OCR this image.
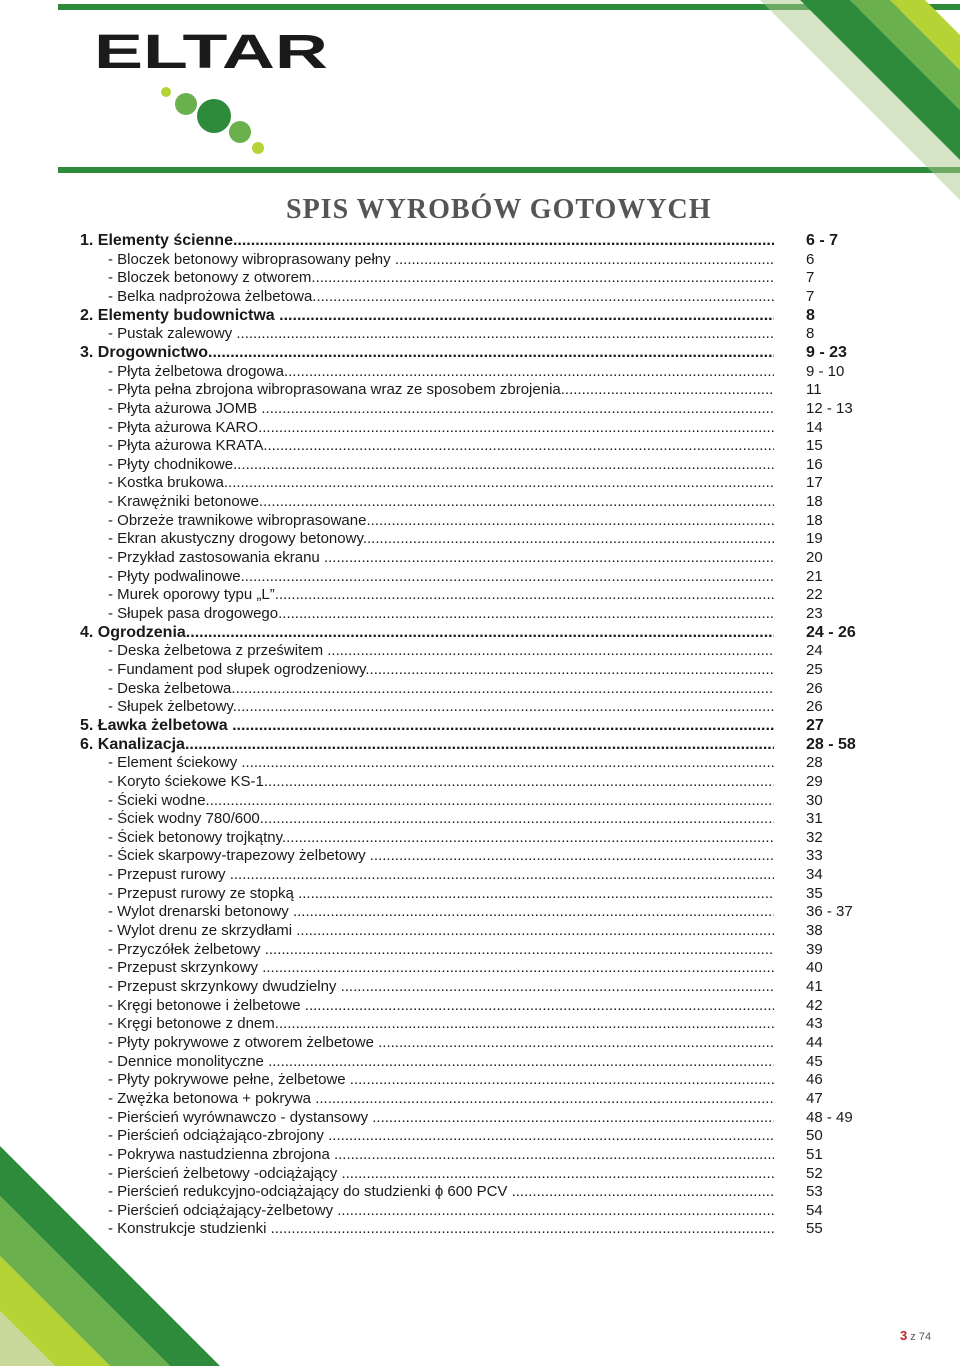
ELTAR
SPIS WYROBÓW GOTOWYCH
1. Elementy ścienne .....	6 - 7
- Bloczek betonowy wibroprasowany pełny .....	6
- Bloczek betonowy z otworem .....	7
- Belka nadprożowa żelbetowa .....	7
2. Elementy budownictwa .....	8
- Pustak zalewowy .....	8
3. Drogownictwo .....	9 - 23
- Płyta żelbetowa drogowa .....	9 - 10
- Płyta pełna zbrojona wibroprasowana wraz ze sposobem zbrojenia .....	11
- Płyta ażurowa JOMB .....	12 - 13
- Płyta ażurowa KARO .....	14
- Płyta ażurowa KRATA .....	15
- Płyty chodnikowe .....	16
- Kostka brukowa .....	17
- Krawężniki betonowe .....	18
- Obrzeże trawnikowe wibroprasowane .....	18
- Ekran akustyczny drogowy betonowy .....	19
- Przykład zastosowania ekranu .....	20
- Płyty podwalinowe .....	21
- Murek oporowy typu „L” .....	22
- Słupek pasa drogowego .....	23
4. Ogrodzenia .....	24 - 26
- Deska żelbetowa z prześwitem .....	24
- Fundament pod słupek ogrodzeniowy .....	25
- Deska żelbetowa .....	26
- Słupek żelbetowy .....	26
5. Ławka żelbetowa .....	27
6. Kanalizacja .....	28 - 58
- Element ściekowy .....	28
- Koryto ściekowe KS-1 .....	29
- Ścieki wodne .....	30
- Ściek wodny 780/600 .....	31
- Ściek betonowy trojkątny .....	32
- Ściek skarpowy-trapezowy żelbetowy .....	33
- Przepust rurowy .....	34
- Przepust rurowy ze stopką .....	35
- Wylot drenarski betonowy .....	36 - 37
- Wylot drenu ze skrzydłami .....	38
- Przyczółek żelbetowy .....	39
- Przepust skrzynkowy .....	40
- Przepust skrzynkowy dwudzielny .....	41
- Kręgi betonowe i żelbetowe .....	42
- Kręgi betonowe z dnem .....	43
- Płyty pokrywowe z otworem żelbetowe .....	44
- Dennice monolityczne .....	45
- Płyty pokrywowe pełne, żelbetowe .....	46
- Zwężka betonowa + pokrywa .....	47
- Pierścień wyrównawczo - dystansowy .....	48 - 49
- Pierścień odciążająco-zbrojony .....	50
- Pokrywa nastudzienna zbrojona .....	51
- Pierścień żelbetowy -odciążający .....	52
- Pierścień redukcyjno-odciążający do studzienki ϕ 600 PCV .....	53
- Pierścień odciążający-żelbetowy .....	54
- Konstrukcje studzienki .....	55
3 z 74
